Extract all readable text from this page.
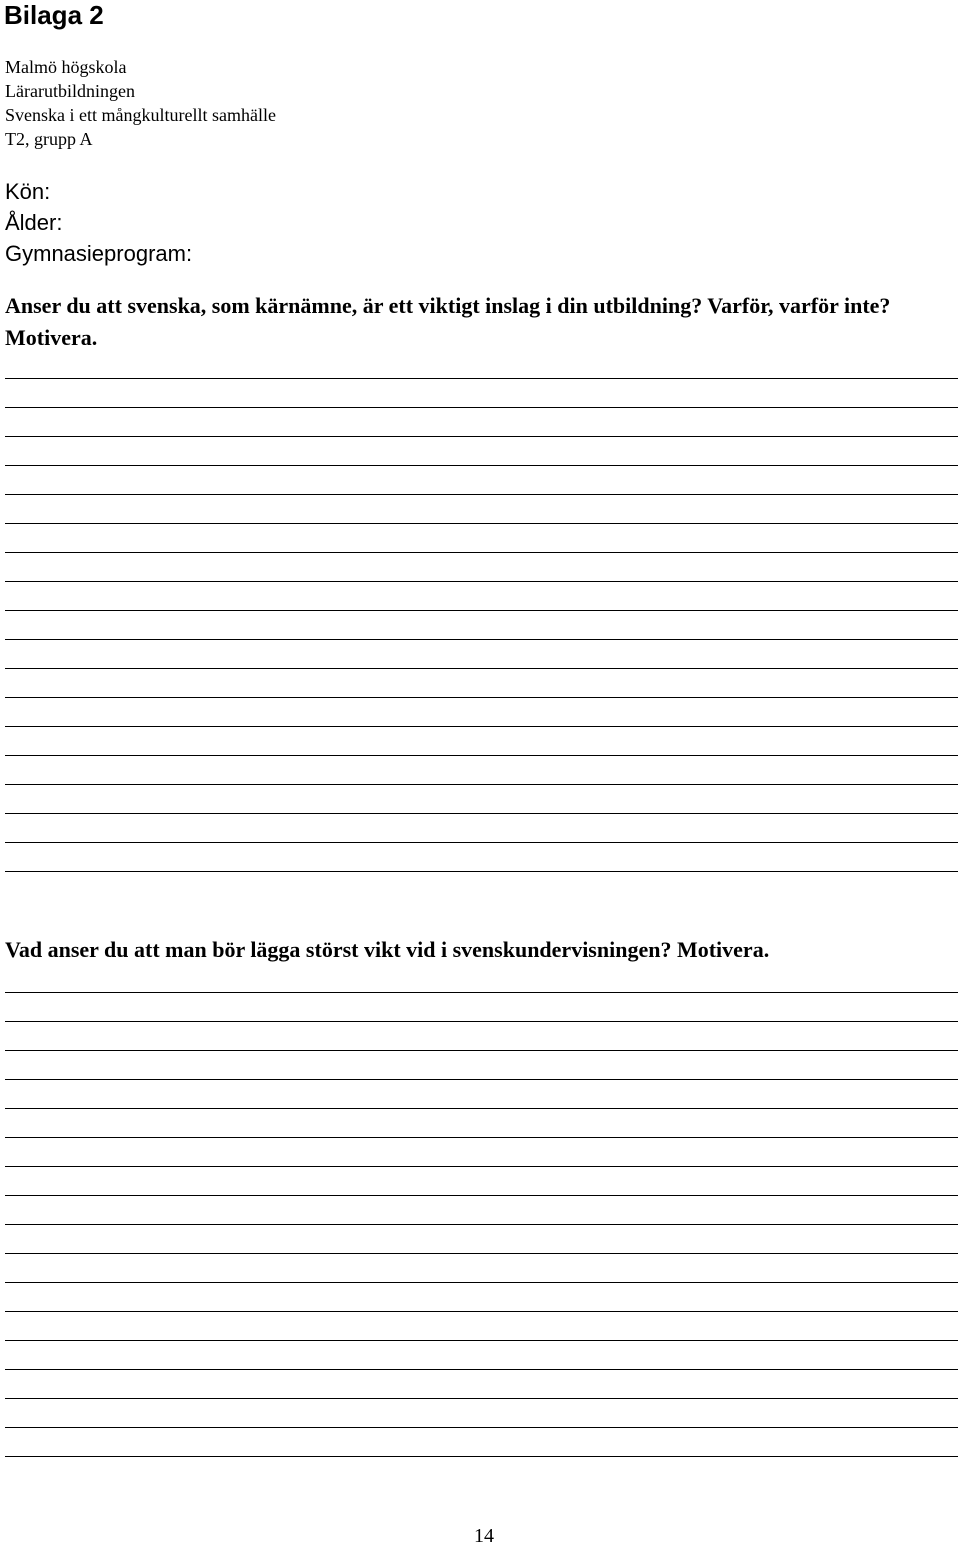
Bilaga 2
Malmö högskola
Lärarutbildningen
Svenska i ett mångkulturellt samhälle
T2, grupp A
Kön:
Ålder:
Gymnasieprogram:

Anser du att svenska, som kärnämne, är ett viktigt inslag i din utbildning? Varför, varför inte? Motivera.

Vad anser du att man bör lägga störst vikt vid i svenskundervisningen? Motivera.

14
